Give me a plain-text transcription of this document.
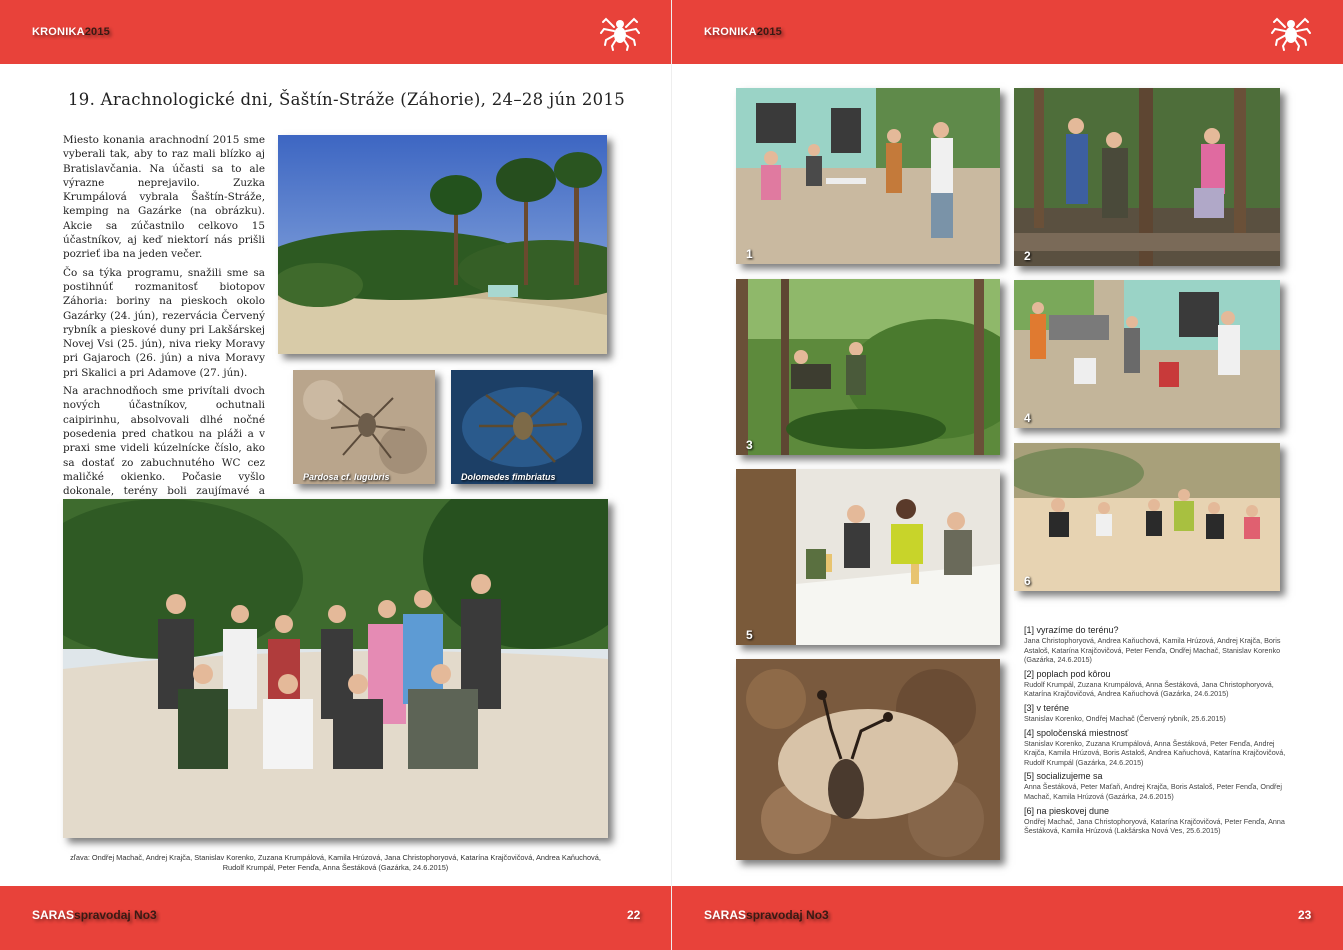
KRONIKA2015
19. Arachnologické dni, Šaštín-Stráže (Záhorie), 24–28 jún 2015

Miesto konania arachnodní 2015 sme vyberali tak, aby to raz mali blízko aj Bratislavčania. Na účasti sa to ale výrazne neprejavilo. Zuzka Krumpálová vybrala Šaštín-Stráže, kemping na Gazárke (na obrázku). Akcie sa zúčastnilo celkovo 15 účastníkov, aj keď niektorí nás prišli pozrieť iba na jeden večer.

Čo sa týka programu, snažili sme sa postihnúť rozmanitosť biotopov Záhoria: boriny na pieskoch okolo Gazárky (24. jún), rezervácia Červený rybník a pieskové duny pri Lakšárskej Novej Vsi (25. jún), niva rieky Moravy pri Gajaroch (26. jún) a niva Moravy pri Skalici a pri Adamove (27. jún).

Na arachnodňoch sme privítali dvoch nových účastníkov, ochutnali caipirinhu, absolvovali dlhé nočné posedenia pred chatkou na pláži a v praxi sme videli kúzelnícke číslo, ako sa dostať zo zabuchnutého WC cez maličké okienko. Počasie vyšlo dokonale, terény boli zaujímavé a

Pardosa cf. lugubris	Dolomedes fimbriatus
zľava: Ondřej Machač, Andrej Krajča, Stanislav Korenko, Zuzana Krumpálová, Kamila Hrúzová, Jana Christophoryová, Katarína Krajčovičová, Andrea Kaňuchová, Rudolf Krumpál, Peter Fenďa, Anna Šestáková (Gazárka, 24.6.2015)
SARASspravodaj No3	22
KRONIKA2015
1	2
3
4
5
6
[1] vyrazíme do terénu?
Jana Christophoryová, Andrea Kaňuchová, Kamila Hrúzová, Andrej Krajča, Boris Astaloš, Katarína Krajčovičová, Peter Fenďa, Ondřej Machač, Stanislav Korenko (Gazárka, 24.6.2015)
[2] poplach pod kôrou
Rudolf Krumpál, Zuzana Krumpálová, Anna Šestáková, Jana Christophoryová, Katarína Krajčovičová, Andrea Kaňuchová (Gazárka, 24.6.2015)
[3] v teréne
Stanislav Korenko, Ondřej Machač (Červený rybník, 25.6.2015)
[4] spoločenská miestnosť
Stanislav Korenko, Zuzana Krumpálová, Anna Šestáková, Peter Fenďa, Andrej Krajča, Kamila Hrúzová, Boris Astaloš, Andrea Kaňuchová, Katarína Krajčovičová, Rudolf Krumpál (Gazárka, 24.6.2015)
[5] socializujeme sa
Anna Šestáková, Peter Maťaň, Andrej Krajča, Boris Astaloš, Peter Fenďa, Ondřej Machač, Kamila Hrúzová (Gazárka, 24.6.2015)
[6] na pieskovej dune
Ondřej Machač, Jana Christophoryová, Katarína Krajčovičová, Peter Fenďa, Anna Šestáková, Kamila Hrúzová (Lakšárska Nová Ves, 25.6.2015)
SARASspravodaj No3	23
